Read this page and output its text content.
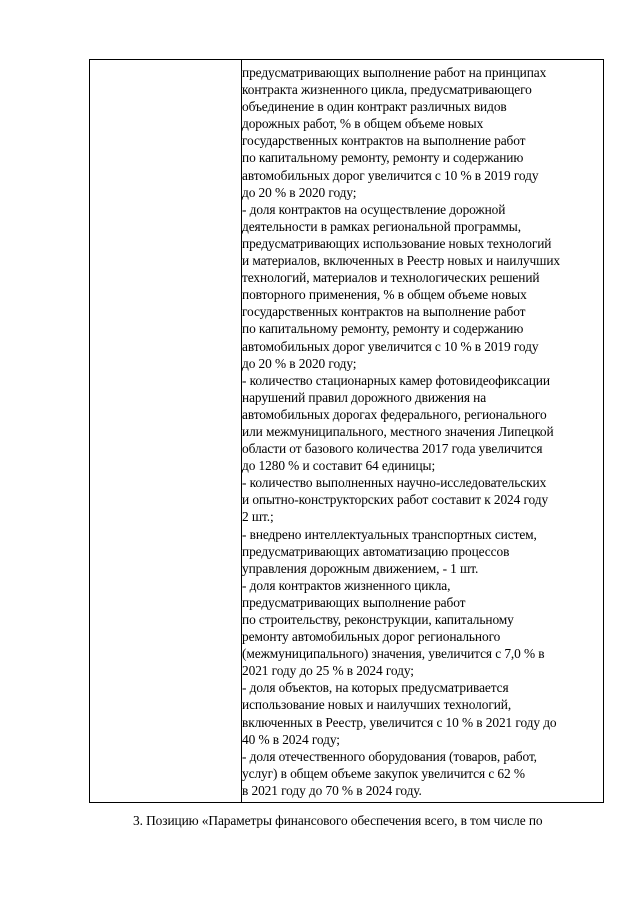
предусматривающих выполнение работ на принципах
контракта жизненного цикла, предусматривающего
объединение в один контракт различных видов
дорожных работ, % в общем объеме новых
государственных контрактов на выполнение работ
по капитальному ремонту, ремонту и содержанию
автомобильных дорог увеличится с 10 % в 2019 году
до 20 % в 2020 году;
- доля контрактов на осуществление дорожной
деятельности в рамках региональной программы,
предусматривающих использование новых технологий
и материалов, включенных в Реестр новых и наилучших
технологий, материалов и технологических решений
повторного применения, % в общем объеме новых
государственных контрактов на выполнение работ
по капитальному ремонту, ремонту и содержанию
автомобильных дорог увеличится с 10 % в 2019 году
до 20 % в 2020 году;
- количество стационарных камер фотовидеофиксации
нарушений правил дорожного движения на
автомобильных дорогах федерального, регионального
или межмуниципального, местного значения Липецкой
области от базового количества 2017 года увеличится
до 1280 % и составит 64 единицы;
- количество выполненных научно-исследовательских
и опытно-конструкторских работ составит к 2024 году
2 шт.;
- внедрено интеллектуальных транспортных систем,
предусматривающих автоматизацию процессов
управления дорожным движением, - 1 шт.
- доля контрактов жизненного цикла,
предусматривающих выполнение работ
по строительству, реконструкции, капитальному
ремонту автомобильных дорог регионального
(межмуниципального) значения, увеличится с 7,0 % в
2021 году до 25 % в 2024 году;
- доля объектов, на которых предусматривается
использование новых и наилучших технологий,
включенных в Реестр, увеличится с 10 % в 2021 году до
40 % в 2024 году;
- доля отечественного оборудования (товаров, работ,
услуг) в общем объеме закупок увеличится с 62 %
в 2021 году до 70 % в 2024 году.
3. Позицию «Параметры финансового обеспечения всего, в том числе по
